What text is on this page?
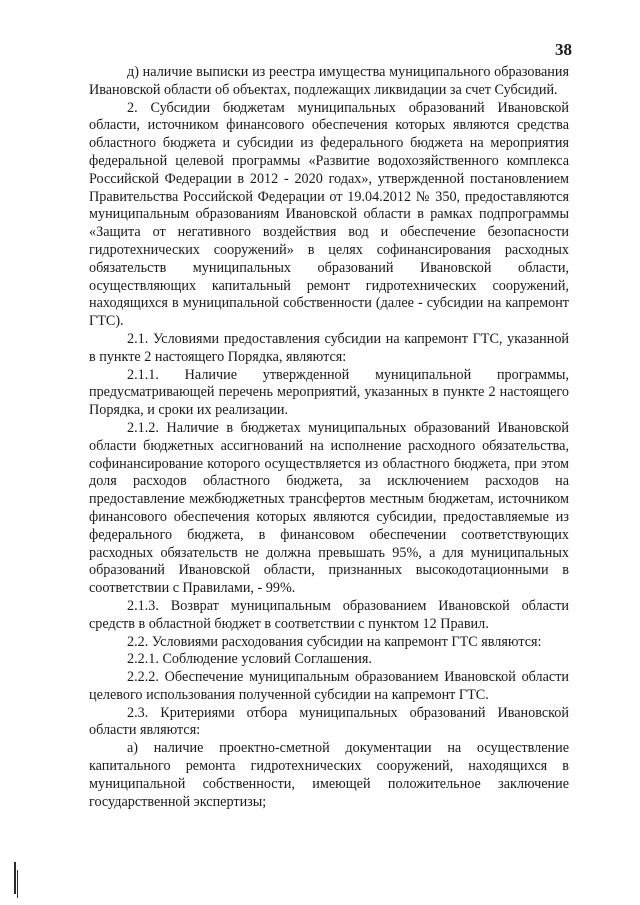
38

д) наличие выписки из реестра имущества муниципального образования Ивановской области об объектах, подлежащих ликвидации за счет Субсидий.

2. Субсидии бюджетам муниципальных образований Ивановской области, источником финансового обеспечения которых являются средства областного бюджета и субсидии из федерального бюджета на мероприятия федеральной целевой программы «Развитие водохозяйственного комплекса Российской Федерации в 2012 - 2020 годах», утвержденной постановлением Правительства Российской Федерации от 19.04.2012 № 350, предоставляются муниципальным образованиям Ивановской области в рамках подпрограммы «Защита от негативного воздействия вод и обеспечение безопасности гидротехнических сооружений» в целях софинансирования расходных обязательств муниципальных образований Ивановской области, осуществляющих капитальный ремонт гидротехнических сооружений, находящихся в муниципальной собственности (далее - субсидии на капремонт ГТС).

2.1. Условиями предоставления субсидии на капремонт ГТС, указанной в пункте 2 настоящего Порядка, являются:

2.1.1. Наличие утвержденной муниципальной программы, предусматривающей перечень мероприятий, указанных в пункте 2 настоящего Порядка, и сроки их реализации.

2.1.2. Наличие в бюджетах муниципальных образований Ивановской области бюджетных ассигнований на исполнение расходного обязательства, софинансирование которого осуществляется из областного бюджета, при этом доля расходов областного бюджета, за исключением расходов на предоставление межбюджетных трансфертов местным бюджетам, источником финансового обеспечения которых являются субсидии, предоставляемые из федерального бюджета, в финансовом обеспечении соответствующих расходных обязательств не должна превышать 95%, а для муниципальных образований Ивановской области, признанных высокодотационными в соответствии с Правилами, - 99%.

2.1.3. Возврат муниципальным образованием Ивановской области средств в областной бюджет в соответствии с пунктом 12 Правил.

2.2. Условиями расходования субсидии на капремонт ГТС являются:

2.2.1. Соблюдение условий Соглашения.

2.2.2. Обеспечение муниципальным образованием Ивановской области целевого использования полученной субсидии на капремонт ГТС.

2.3. Критериями отбора муниципальных образований Ивановской области являются:

а) наличие проектно-сметной документации на осуществление капитального ремонта гидротехнических сооружений, находящихся в муниципальной собственности, имеющей положительное заключение государственной экспертизы;
